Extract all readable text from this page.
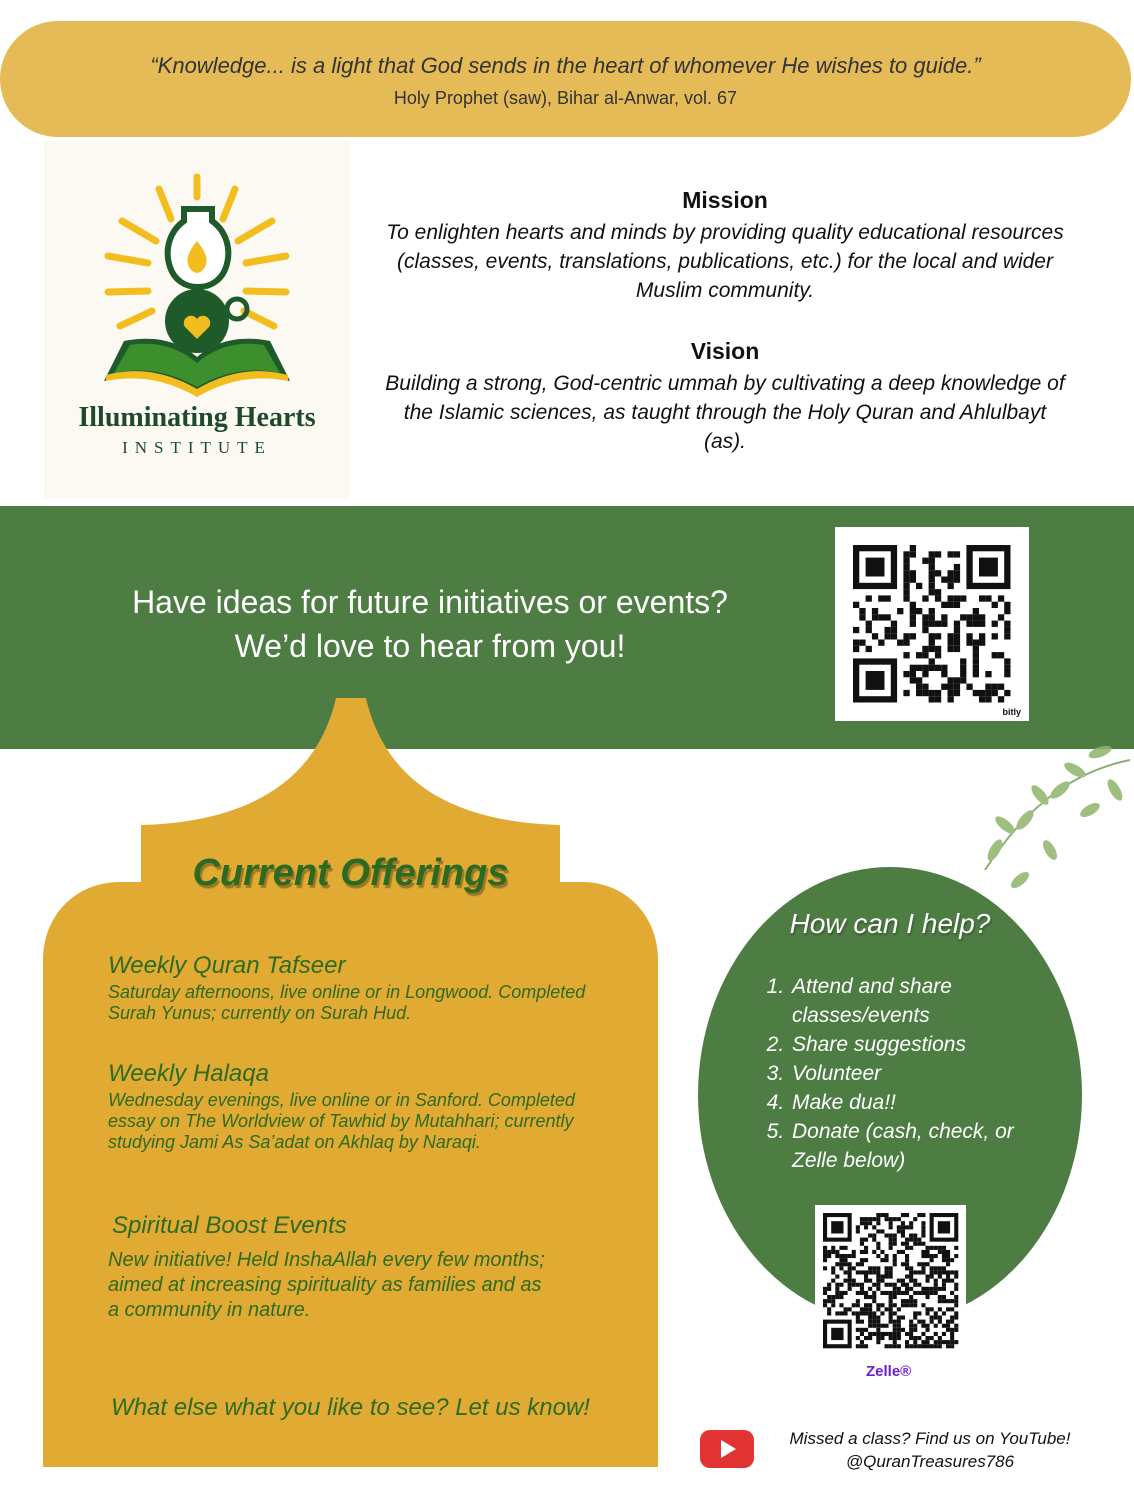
“Knowledge... is a light that God sends in the heart of whomever He wishes to guide.”
Holy Prophet (saw), Bihar al-Anwar, vol. 67
Illuminating Hearts
INSTITUTE
Mission

To enlighten hearts and minds by providing quality educational resources (classes, events, translations, publications, etc.) for the local and wider Muslim community.

Vision

Building a strong, God-centric ummah by cultivating a deep knowledge of the Islamic sciences, as taught through the Holy Quran and Ahlulbayt (as).

Have ideas for future initiatives or events?
We’d love to hear from you!
bitly
Current Offerings
Weekly Quran Tafseer

Saturday afternoons, live online or in Longwood. Completed Surah Yunus; currently on Surah Hud.

Weekly Halaqa

Wednesday evenings, live online or in Sanford. Completed essay on The Worldview of Tawhid by Mutahhari; currently studying Jami As Sa’adat on Akhlaq by Naraqi.

Spiritual Boost Events

New initiative! Held InshaAllah every few months; aimed at increasing spirituality as families and as a community in nature.

What else what you like to see? Let us know!
How can I help?
1. Attend and share classes/events
2. Share suggestions
3. Volunteer
4. Make dua!!
5. Donate (cash, check, or Zelle below)
Zelle®
Missed a class? Find us on YouTube!
@QuranTreasures786
